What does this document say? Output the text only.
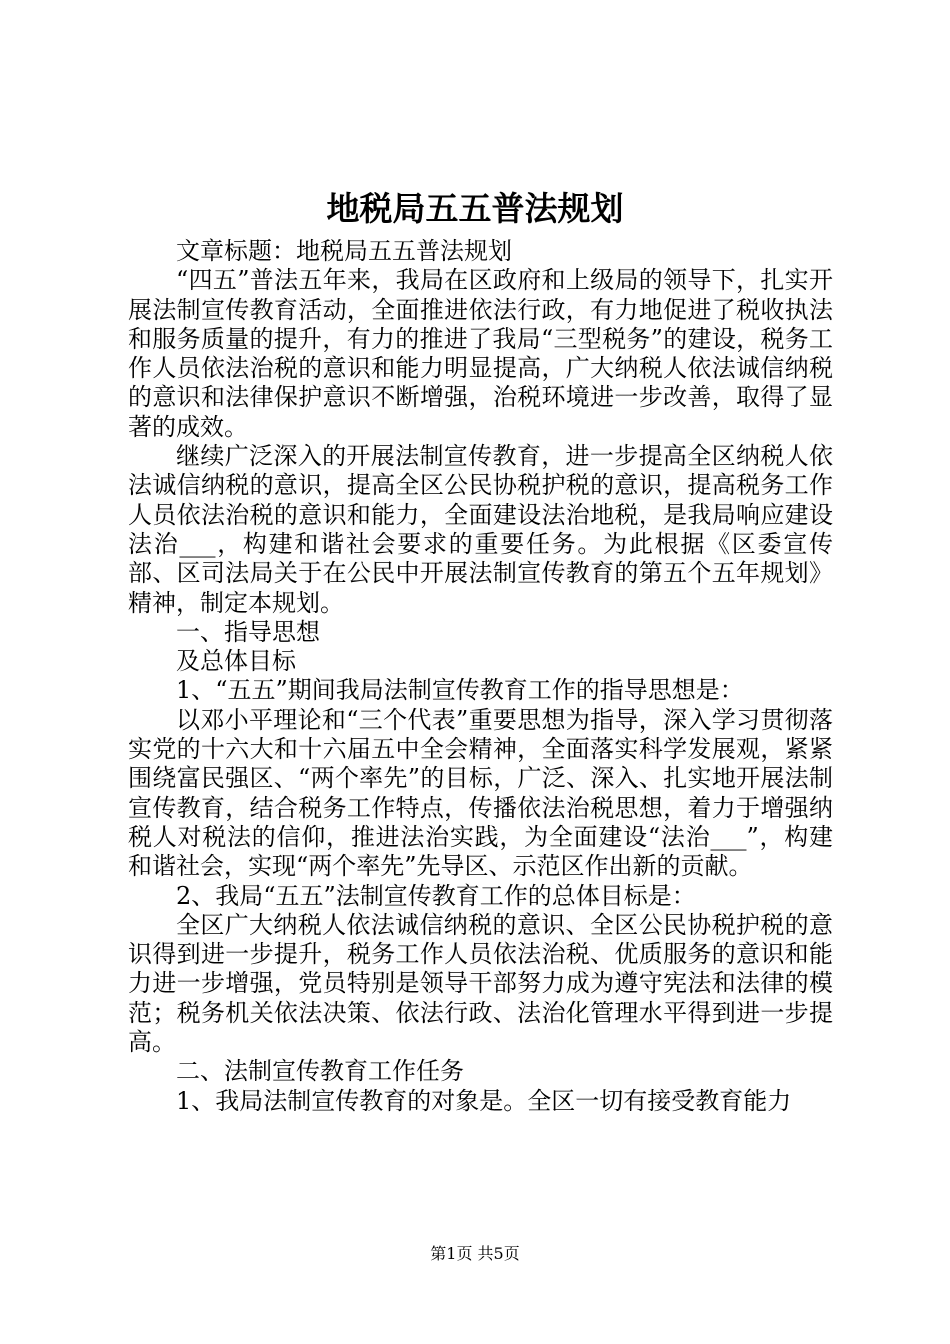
地税局五五普法规划

文章标题：地税局五五普法规划

“四五”普法五年来，我局在区政府和上级局的领导下，扎实开展法制宣传教育活动，全面推进依法行政，有力地促进了税收执法和服务质量的提升，有力的推进了我局“三型税务”的建设，税务工作人员依法治税的意识和能力明显提高，广大纳税人依法诚信纳税的意识和法律保护意识不断增强，治税环境进一步改善，取得了显著的成效。

继续广泛深入的开展法制宣传教育，进一步提高全区纳税人依法诚信纳税的意识，提高全区公民协税护税的意识，提高税务工作人员依法治税的意识和能力，全面建设法治地税，是我局响应建设法治___，构建和谐社会要求的重要任务。为此根据《区委宣传部、区司法局关于在公民中开展法制宣传教育的第五个五年规划》精神，制定本规划。

一、指导思想

及总体目标

1、“五五”期间我局法制宣传教育工作的指导思想是：

以邓小平理论和“三个代表”重要思想为指导，深入学习贯彻落实党的十六大和十六届五中全会精神，全面落实科学发展观，紧紧围绕富民强区、“两个率先”的目标，广泛、深入、扎实地开展法制宣传教育，结合税务工作特点，传播依法治税思想，着力于增强纳税人对税法的信仰，推进法治实践，为全面建设“法治___”，构建和谐社会，实现“两个率先”先导区、示范区作出新的贡献。

2、我局“五五”法制宣传教育工作的总体目标是：

全区广大纳税人依法诚信纳税的意识、全区公民协税护税的意识得到进一步提升，税务工作人员依法治税、优质服务的意识和能力进一步增强，党员特别是领导干部努力成为遵守宪法和法律的模范；税务机关依法决策、依法行政、法治化管理水平得到进一步提高。

二、法制宣传教育工作任务

1、我局法制宣传教育的对象是。全区一切有接受教育能力

第1页 共5页
